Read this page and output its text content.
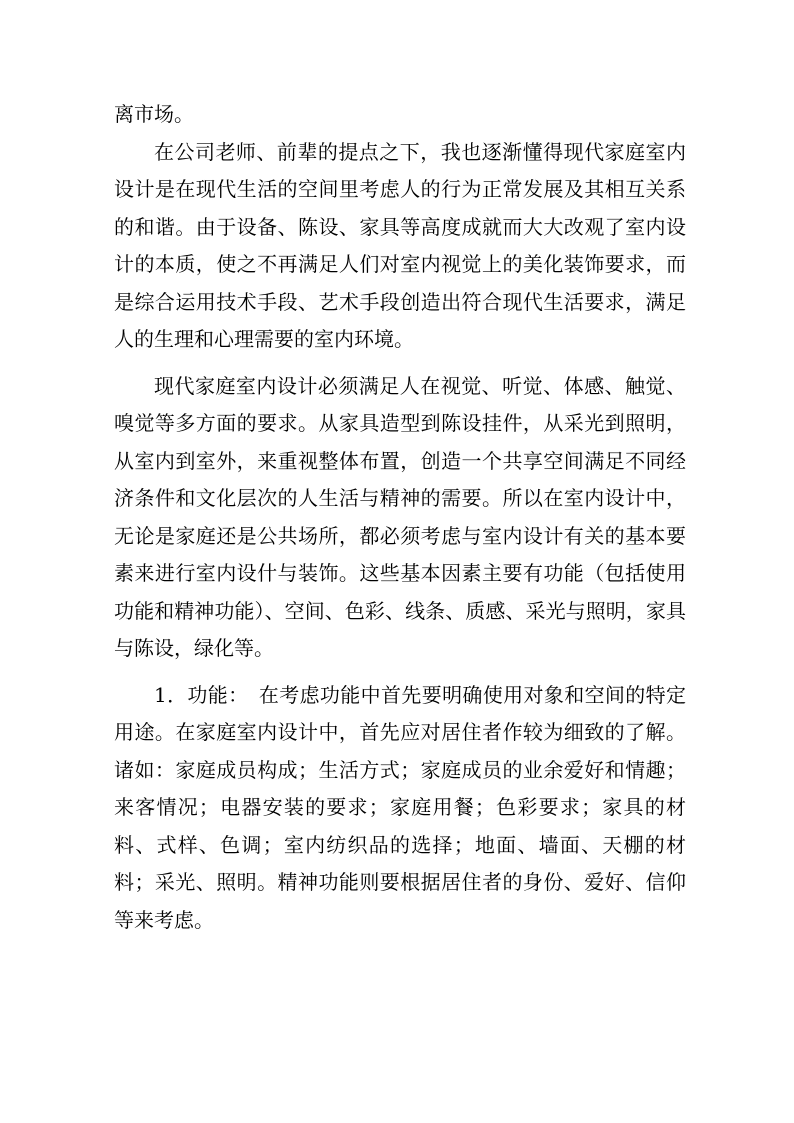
离市场。

在公司老师、前辈的提点之下，我也逐渐懂得现代家庭室内设计是在现代生活的空间里考虑人的行为正常发展及其相互关系的和谐。由于设备、陈设、家具等高度成就而大大改观了室内设计的本质，使之不再满足人们对室内视觉上的美化装饰要求，而是综合运用技术手段、艺术手段创造出符合现代生活要求，满足人的生理和心理需要的室内环境。

现代家庭室内设计必须满足人在视觉、听觉、体感、触觉、嗅觉等多方面的要求。从家具造型到陈设挂件，从采光到照明，从室内到室外，来重视整体布置，创造一个共享空间满足不同经济条件和文化层次的人生活与精神的需要。所以在室内设计中，无论是家庭还是公共场所，都必须考虑与室内设计有关的基本要素来进行室内设什与装饰。这些基本因素主要有功能（包括使用功能和精神功能）、空间、色彩、线条、质感、采光与照明，家具与陈设，绿化等。

1．功能：　在考虑功能中首先要明确使用对象和空间的特定用途。在家庭室内设计中，首先应对居住者作较为细致的了解。诸如：家庭成员构成；生活方式；家庭成员的业余爱好和情趣；来客情况；电器安装的要求；家庭用餐；色彩要求；家具的材料、式样、色调；室内纺织品的选择；地面、墙面、天棚的材料；采光、照明。精神功能则要根据居住者的身份、爱好、信仰等来考虑。
